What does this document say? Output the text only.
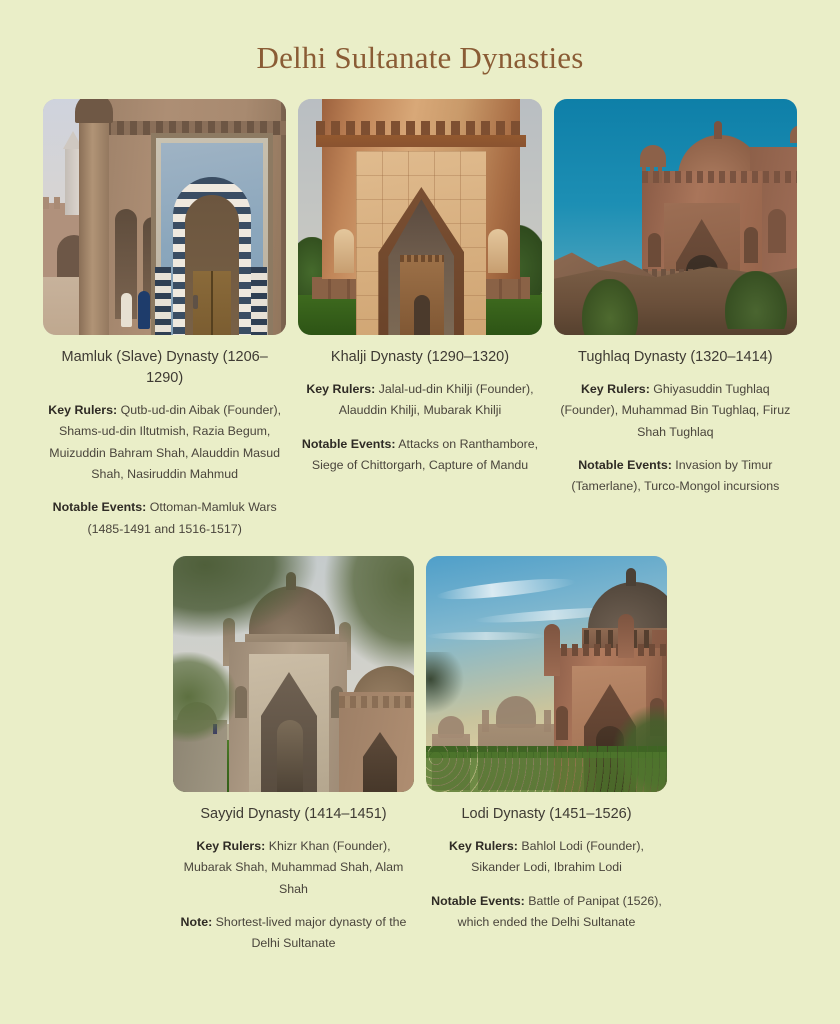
Delhi Sultanate Dynasties
Mamluk (Slave) Dynasty (1206–1290)

Key Rulers: Qutb-ud-din Aibak (Founder), Shams-ud-din Iltutmish, Razia Begum, Muizuddin Bahram Shah, Alauddin Masud Shah, Nasiruddin Mahmud

Notable Events: Ottoman-Mamluk Wars (1485-1491 and 1516-1517)

Khalji Dynasty (1290–1320)

Key Rulers: Jalal-ud-din Khilji (Founder), Alauddin Khilji, Mubarak Khilji

Notable Events: Attacks on Ranthambore, Siege of Chittorgarh, Capture of Mandu

Tughlaq Dynasty (1320–1414)

Key Rulers: Ghiyasuddin Tughlaq (Founder), Muhammad Bin Tughlaq, Firuz Shah Tughlaq

Notable Events: Invasion by Timur (Tamerlane), Turco-Mongol incursions

Sayyid Dynasty (1414–1451)

Key Rulers: Khizr Khan (Founder), Mubarak Shah, Muhammad Shah, Alam Shah

Note: Shortest-lived major dynasty of the Delhi Sultanate

Lodi Dynasty (1451–1526)

Key Rulers: Bahlol Lodi (Founder), Sikander Lodi, Ibrahim Lodi

Notable Events: Battle of Panipat (1526), which ended the Delhi Sultanate
